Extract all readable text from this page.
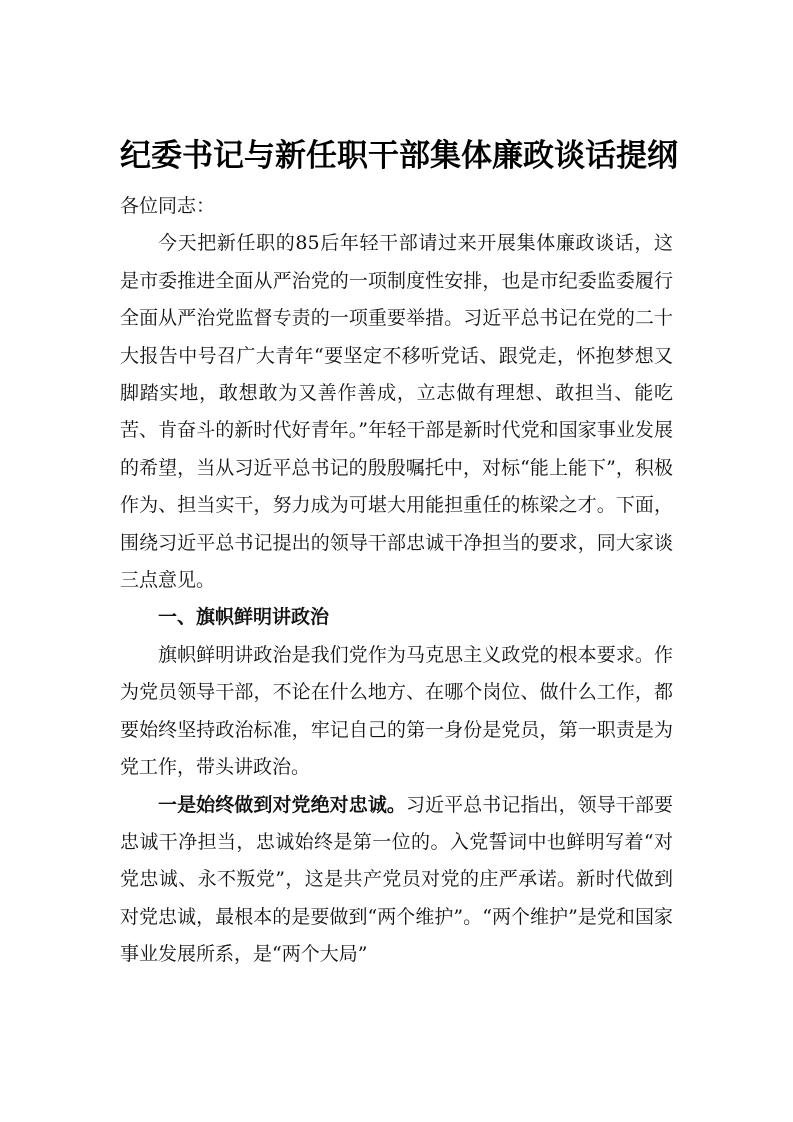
纪委书记与新任职干部集体廉政谈话提纲

各位同志：

今天把新任职的85后年轻干部请过来开展集体廉政谈话，这是市委推进全面从严治党的一项制度性安排，也是市纪委监委履行全面从严治党监督专责的一项重要举措。习近平总书记在党的二十大报告中号召广大青年“要坚定不移听党话、跟党走，怀抱梦想又脚踏实地，敢想敢为又善作善成，立志做有理想、敢担当、能吃苦、肯奋斗的新时代好青年。”年轻干部是新时代党和国家事业发展的希望，当从习近平总书记的殷殷嘱托中，对标“能上能下”，积极作为、担当实干，努力成为可堪大用能担重任的栋梁之才。下面，围绕习近平总书记提出的领导干部忠诚干净担当的要求，同大家谈三点意见。

一、旗帜鲜明讲政治

旗帜鲜明讲政治是我们党作为马克思主义政党的根本要求。作为党员领导干部，不论在什么地方、在哪个岗位、做什么工作，都要始终坚持政治标准，牢记自己的第一身份是党员，第一职责是为党工作，带头讲政治。

一是始终做到对党绝对忠诚。习近平总书记指出，领导干部要忠诚干净担当，忠诚始终是第一位的。入党誓词中也鲜明写着“对党忠诚、永不叛党”，这是共产党员对党的庄严承诺。新时代做到对党忠诚，最根本的是要做到“两个维护”。“两个维护”是党和国家事业发展所系，是“两个大局”
